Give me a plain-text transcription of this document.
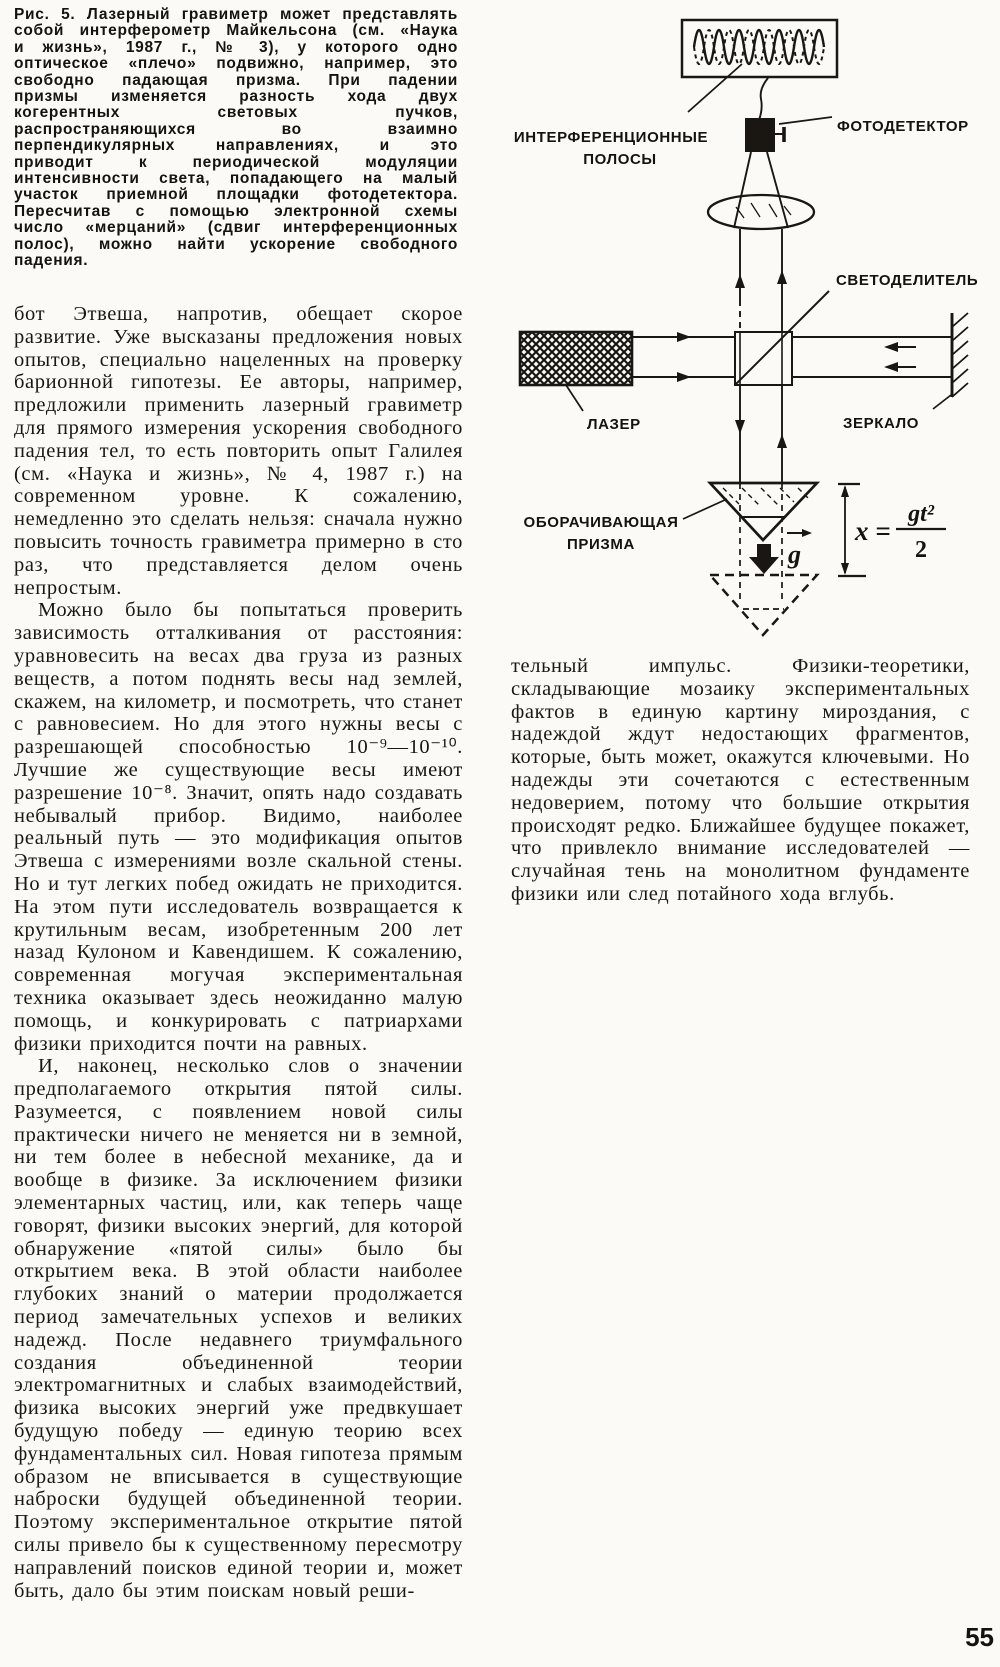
Рис. 5. Лазерный гравиметр может представлять собой интерферометр Майкельсона (см. «Наука и жизнь», 1987 г., № 3), у которого одно оптическое «плечо» подвижно, например, это свободно падающая призма. При падении призмы изменяется разность хода двух когерентных световых пучков, распространяющихся во взаимно перпендикулярных направлениях, и это приводит к периодической модуляции интенсивности света, попадающего на малый участок приемной площадки фотодетектора. Пересчитав с помощью электронной схемы число «мерцаний» (сдвиг интерференционных полос), можно найти ускорение свободного падения.
ИНТЕРФЕРЕНЦИОННЫЕ
ПОЛОСЫ
ФОТОДЕТЕКТОР
СВЕТОДЕЛИТЕЛЬ
ЛАЗЕР	ЗЕРКАЛО
ОБОРАЧИВАЮЩАЯ
ПРИЗМА	g
x =
gt²
2

бот Этвеша, напротив, обещает скорое развитие. Уже высказаны предложения новых опытов, специально нацеленных на проверку барионной гипотезы. Ее авторы, например, предложили применить лазерный гравиметр для прямого измерения ускорения свободного падения тел, то есть повторить опыт Галилея (см. «Наука и жизнь», № 4, 1987 г.) на современном уровне. К сожалению, немедленно это сделать нельзя: сначала нужно повысить точность гравиметра примерно в сто раз, что представляется делом очень непростым.

Можно было бы попытаться проверить зависимость отталкивания от расстояния: уравновесить на весах два груза из разных веществ, а потом поднять весы над землей, скажем, на километр, и посмотреть, что станет с равновесием. Но для этого нужны весы с разрешающей способностью 10⁻⁹—10⁻¹⁰. Лучшие же существующие весы имеют разрешение 10⁻⁸. Значит, опять надо создавать небывалый прибор. Видимо, наиболее реальный путь — это модификация опытов Этвеша с измерениями возле скальной стены. Но и тут легких побед ожидать не приходится. На этом пути исследователь возвращается к крутильным весам, изобретенным 200 лет назад Кулоном и Кавендишем. К сожалению, современная могучая экспериментальная техника оказывает здесь неожиданно малую помощь, и конкурировать с патриархами физики приходится почти на равных.

И, наконец, несколько слов о значении предполагаемого открытия пятой силы. Разумеется, с появлением новой силы практически ничего не меняется ни в земной, ни тем более в небесной механике, да и вообще в физике. За исключением физики элементарных частиц, или, как теперь чаще говорят, физики высоких энергий, для которой обнаружение «пятой силы» было бы открытием века. В этой области наиболее глубоких знаний о материи продолжается период замечательных успехов и великих надежд. После недавнего триумфального создания объединенной теории электромагнитных и слабых взаимодействий, физика высоких энергий уже предвкушает будущую победу — единую теорию всех фундаментальных сил. Новая гипотеза прямым образом не вписывается в существующие наброски будущей объединенной теории. Поэтому экспериментальное открытие пятой силы привело бы к существенному пересмотру направлений поисков единой теории и, может быть, дало бы этим поискам новый реши-

тельный импульс. Физики-теоретики, складывающие мозаику экспериментальных фактов в единую картину мироздания, с надеждой ждут недостающих фрагментов, которые, быть может, окажутся ключевыми. Но надежды эти сочетаются с естественным недоверием, потому что большие открытия происходят редко. Ближайшее будущее покажет, что привлекло внимание исследователей — случайная тень на монолитном фундаменте физики или след потайного хода вглубь.

55
